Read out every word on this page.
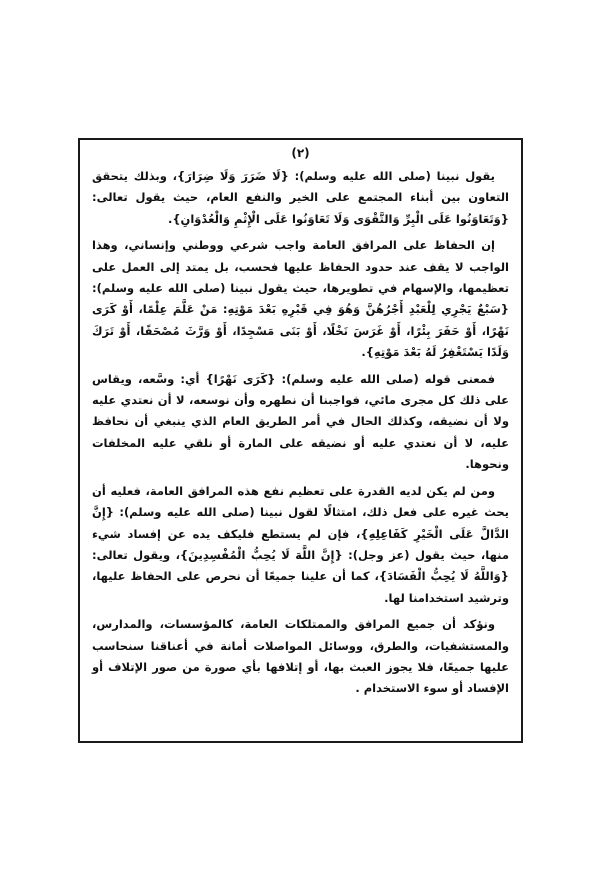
(٢)

يقول نبينا (صلى الله عليه وسلم): {لَا ضَرَرَ وَلَا ضِرَارَ}، وبذلك يتحقق التعاون بين أبناء المجتمع على الخير والنفع العام، حيث يقول تعالى: {وَتَعَاوَنُوا عَلَى الْبِرِّ وَالتَّقْوَى وَلَا تَعَاوَنُوا عَلَى الْإِثْمِ وَالْعُدْوَانِ}.

إن الحفاظ على المرافق العامة واجب شرعي ووطني وإنساني، وهذا الواجب لا يقف عند حدود الحفاظ عليها فحسب، بل يمتد إلى العمل على تعظيمها، والإسهام في تطويرها، حيث يقول نبينا (صلى الله عليه وسلم): {سَبْعٌ يَجْرِي لِلْعَبْدِ أَجْرُهُنَّ وَهُوَ فِي قَبْرِهِ بَعْدَ مَوْتِهِ: مَنْ عَلَّمَ عِلْمًا، أَوْ كَرَى نَهْرًا، أَوْ حَفَرَ بِئْرًا، أَوْ غَرَسَ نَخْلًا، أَوْ بَنَى مَسْجِدًا، أَوْ وَرَّثَ مُصْحَفًا، أَوْ تَرَكَ وَلَدًا يَسْتَغْفِرُ لَهُ بَعْدَ مَوْتِهِ}.

فمعنى قوله (صلى الله عليه وسلم): {كَرَى نَهْرًا} أي: وسَّعه، ويقاس على ذلك كل مجرى مائي، فواجبنا أن نطهره وأن نوسعه، لا أن نعتدي عليه ولا أن نضيقه، وكذلك الحال في أمر الطريق العام الذي ينبغي أن نحافظ عليه، لا أن نعتدي عليه أو نضيقه على المارة أو نلقي عليه المخلفات ونحوها.

ومن لم يكن لديه القدرة على تعظيم نفع هذه المرافق العامة، فعليه أن يحث غيره على فعل ذلك، امتثالًا لقول نبينا (صلى الله عليه وسلم): {إِنَّ الدَّالَّ عَلَى الْخَيْرِ كَفَاعِلِهِ}، فإن لم يستطع فليكف يده عن إفساد شيء منها، حيث يقول (عز وجل): {إِنَّ اللَّهَ لَا يُحِبُّ الْمُفْسِدِينَ}، ويقول تعالى: {وَاللَّهُ لَا يُحِبُّ الْفَسَادَ}، كما أن علينا جميعًا أن نحرص على الحفاظ عليها، وترشيد استخدامنا لها.

ونؤكد أن جميع المرافق والممتلكات العامة، كالمؤسسات، والمدارس، والمستشفيات، والطرق، ووسائل المواصلات أمانة في أعناقنا سنحاسب عليها جميعًا، فلا يجوز العبث بها، أو إتلافها بأي صورة من صور الإتلاف أو الإفساد أو سوء الاستخدام .
